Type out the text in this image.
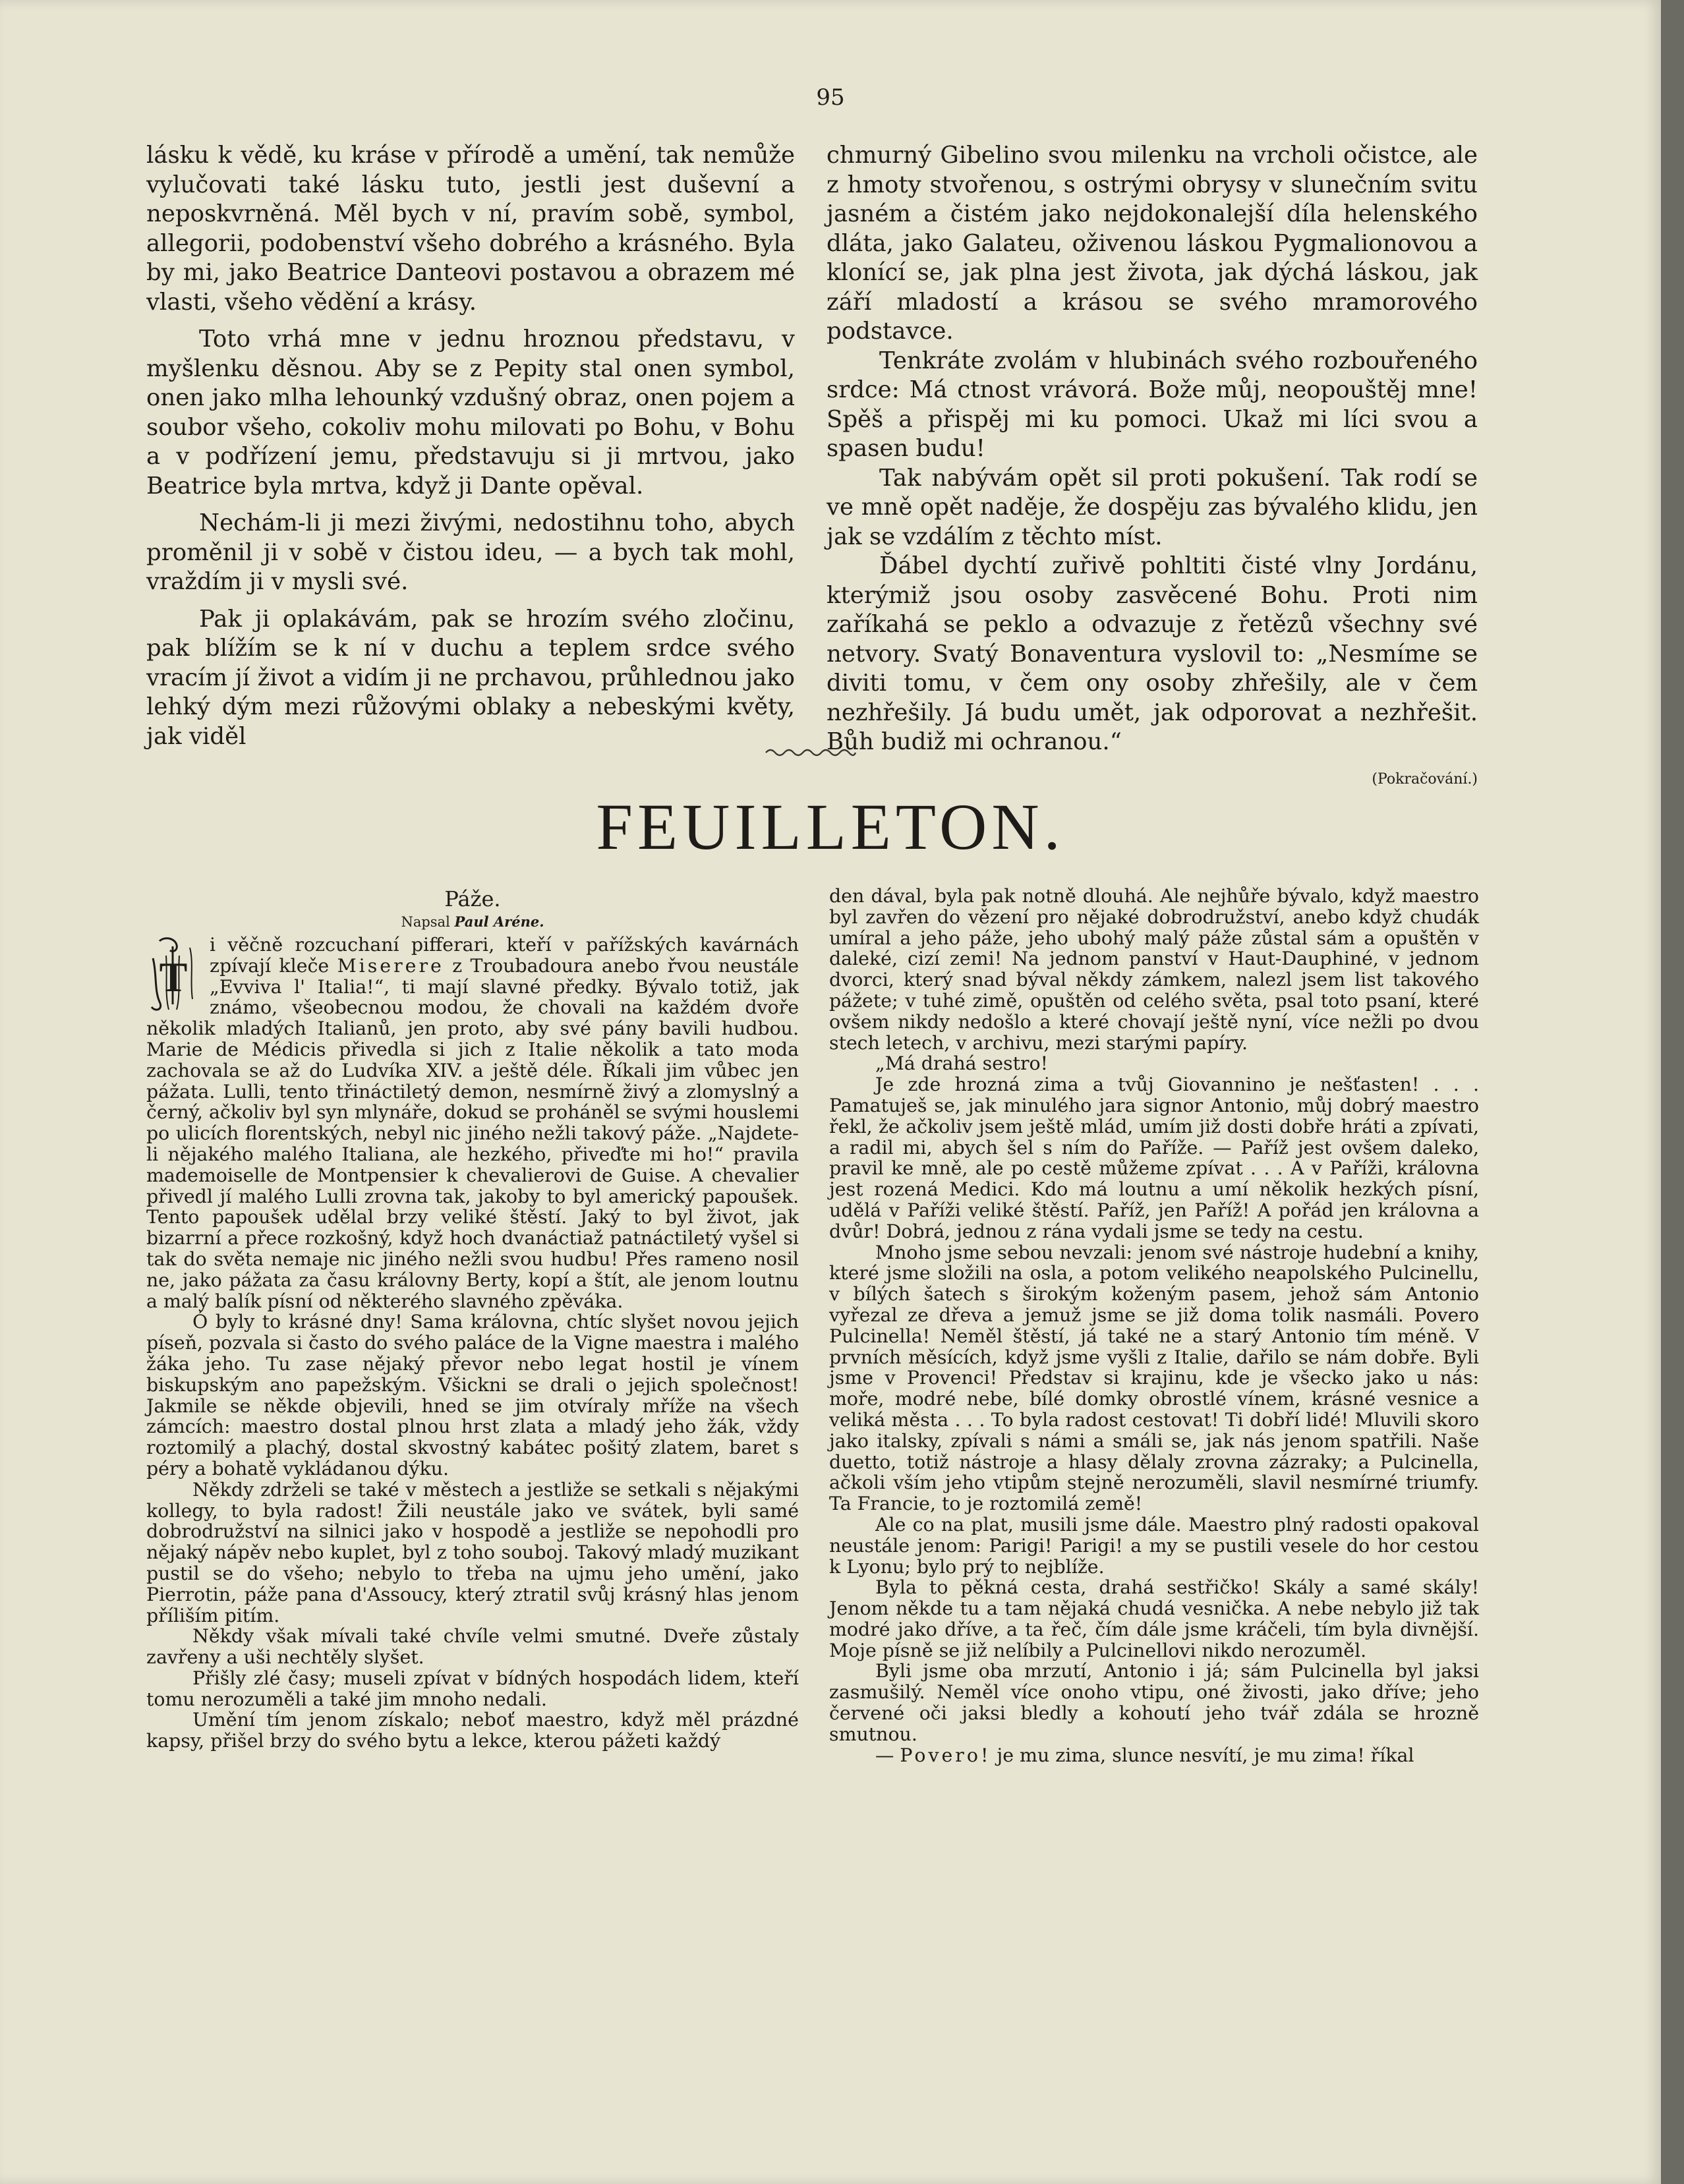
95

lásku k vědě, ku kráse v přírodě a umění, tak nemůže vylučovati také lásku tuto, jestli jest duševní a neposkvrněná. Měl bych v ní, pravím sobě, symbol, allegorii, podobenství všeho dobrého a krásného. Byla by mi, jako Beatrice Danteovi postavou a obrazem mé vlasti, všeho vědění a krásy.

Toto vrhá mne v jednu hroznou představu, v myšlenku děsnou. Aby se z Pepity stal onen symbol, onen jako mlha lehounký vzdušný obraz, onen pojem a soubor všeho, cokoliv mohu milovati po Bohu, v Bohu a v podřízení jemu, představuju si ji mrtvou, jako Beatrice byla mrtva, když ji Dante opěval.

Nechám-li ji mezi živými, nedostihnu toho, abych proměnil ji v sobě v čistou ideu, — a bych tak mohl, vraždím ji v mysli své.

Pak ji oplakávám, pak se hrozím svého zločinu, pak blížím se k ní v duchu a teplem srdce svého vracím jí život a vidím ji ne prchavou, průhlednou jako lehký dým mezi růžovými oblaky a nebeskými květy, jak viděl

chmurný Gibelino svou milenku na vrcholi očistce, ale z hmoty stvořenou, s ostrými obrysy v slunečním svitu jasném a čistém jako nejdokonalejší díla helenského dláta, jako Galateu, oživenou láskou Pygmalionovou a klonící se, jak plna jest života, jak dýchá láskou, jak září mladostí a krásou se svého mramorového podstavce.

Tenkráte zvolám v hlubinách svého rozbouřeného srdce: Má ctnost vrávorá. Bože můj, neopouštěj mne! Spěš a přispěj mi ku pomoci. Ukaž mi líci svou a spasen budu!

Tak nabývám opět sil proti pokušení. Tak rodí se ve mně opět naděje, že dospěju zas bývalého klidu, jen jak se vzdálím z těchto míst.

Ďábel dychtí zuřivě pohltiti čisté vlny Jordánu, kterýmiž jsou osoby zasvěcené Bohu. Proti nim zaříkahá se peklo a odvazuje z řetězů všechny své netvory. Svatý Bonaventura vyslovil to: „Nesmíme se diviti tomu, v čem ony osoby zhřešily, ale v čem nezhřešily. Já budu umět, jak odporovat a nezhřešit. Bůh budiž mi ochranou.“

(Pokračování.)
FEUILLETON.
Páže.
Napsal Paul Aréne.

T
i věčně rozcuchaní pifferari, kteří v pařížských kavárnách zpívají kleče Miserere z Troubadoura anebo řvou neustále „Evviva l' Italia!“, ti mají slavné předky. Bývalo totiž, jak známo, všeobecnou modou, že chovali na každém dvoře několik mladých Italianů, jen proto, aby své pány bavili hudbou. Marie de Médicis přivedla si jich z Italie několik a tato moda zachovala se až do Ludvíka XIV. a ještě déle. Říkali jim vůbec jen pážata. Lulli, tento třináctiletý demon, nesmírně živý a zlomyslný a černý, ačkoliv byl syn mlynáře, dokud se proháněl se svými houslemi po ulicích florentských, nebyl nic jiného nežli takový páže. „Najdete-li nějakého malého Italiana, ale hezkého, přiveďte mi ho!“ pravila mademoiselle de Montpensier k chevalierovi de Guise. A chevalier přivedl jí malého Lulli zrovna tak, jakoby to byl americký papoušek. Tento papoušek udělal brzy veliké štěstí. Jaký to byl život, jak bizarrní a přece rozkošný, když hoch dvanáctiaž patnáctiletý vyšel si tak do světa nemaje nic jiného nežli svou hudbu! Přes rameno nosil ne, jako pážata za času královny Berty, kopí a štít, ale jenom loutnu a malý balík písní od některého slavného zpěváka.

Ó byly to krásné dny! Sama královna, chtíc slyšet novou jejich píseň, pozvala si často do svého paláce de la Vigne maestra i malého žáka jeho. Tu zase nějaký převor nebo legat hostil je vínem biskupským ano papežským. Všickni se drali o jejich společnost! Jakmile se někde objevili, hned se jim otvíraly mříže na všech zámcích: maestro dostal plnou hrst zlata a mladý jeho žák, vždy roztomilý a plachý, dostal skvostný kabátec pošitý zlatem, baret s péry a bohatě vykládanou dýku.

Někdy zdrželi se také v městech a jestliže se setkali s nějakými kollegy, to byla radost! Žili neustále jako ve svátek, byli samé dobrodružství na silnici jako v hospodě a jestliže se nepohodli pro nějaký nápěv nebo kuplet, byl z toho souboj. Takový mladý muzikant pustil se do všeho; nebylo to třeba na ujmu jeho umění, jako Pierrotin, páže pana d'Assoucy, který ztratil svůj krásný hlas jenom příliším pitím.

Někdy však mívali také chvíle velmi smutné. Dveře zůstaly zavřeny a uši nechtěly slyšet.

Přišly zlé časy; museli zpívat v bídných hospodách lidem, kteří tomu nerozuměli a také jim mnoho nedali.

Umění tím jenom získalo; neboť maestro, když měl prázdné kapsy, přišel brzy do svého bytu a lekce, kterou pážeti každý

den dával, byla pak notně dlouhá. Ale nejhůře bývalo, když maestro byl zavřen do vězení pro nějaké dobrodružství, anebo když chudák umíral a jeho páže, jeho ubohý malý páže zůstal sám a opuštěn v daleké, cizí zemi! Na jednom panství v Haut-Dauphiné, v jednom dvorci, který snad býval někdy zámkem, nalezl jsem list takového pážete; v tuhé zimě, opuštěn od celého světa, psal toto psaní, které ovšem nikdy nedošlo a které chovají ještě nyní, více nežli po dvou stech letech, v archivu, mezi starými papíry.

„Má drahá sestro!

Je zde hrozná zima a tvůj Giovannino je nešťasten! . . . Pamatuješ se, jak minulého jara signor Antonio, můj dobrý maestro řekl, že ačkoliv jsem ještě mlád, umím již dosti dobře hráti a zpívati, a radil mi, abych šel s ním do Paříže. — Paříž jest ovšem dalеko, pravil ke mně, ale po cestě můžeme zpívat . . . A v Paříži, královna jest rozená Medici. Kdo má loutnu a umí několik hezkých písní, udělá v Paříži veliké štěstí. Paříž, jen Paříž! A pořád jen královna a dvůr! Dobrá, jednou z rána vydali jsme se tedy na cestu.

Mnoho jsme sebou nevzali: jenom své nástroje hudební a knihy, které jsme složili na osla, a potom velikého neapolského Pulcinellu, v bílých šatech s širokým koženým pasem, jehož sám Antonio vyřezal ze dřeva a jemuž jsme se již doma tolik nasmáli. Povero Pulcinella! Neměl štěstí, já také ne a starý Antonio tím méně. V prvních měsících, když jsme vyšli z Italie, dařilo se nám dobře. Byli jsme v Provenci! Představ si krajinu, kde je všecko jako u nás: moře, modré nebe, bílé domky obrostlé vínem, krásné vesnice a veliká města . . . To byla radost cestovat! Ti dobří lidé! Mluvili skoro jako italsky, zpívali s námi a smáli se, jak nás jenom spatřili. Naše duetto, totiž nástroje a hlasy dělaly zrovna zázraky; a Pulcinella, ačkoli vším jeho vtipům stejně nerozuměli, slavil nesmírné triumfy. Ta Francie, to je roztomilá země!

Ale co na plat, musili jsme dále. Maestro plný radosti opakoval neustále jenom: Parigi! Parigi! a my se pustili vesele do hor cestou k Lyonu; bylo prý to nejblíže.

Byla to pěkná cesta, drahá sestřičko! Skály a samé skály! Jenom někde tu a tam nějaká chudá vesnička. A nebe nebylo již tak modré jako dříve, a ta řeč, čím dále jsme kráčeli, tím byla divnější. Moje písně se již nelíbily a Pulcinellovi nikdo nerozuměl.

Byli jsme oba mrzutí, Antonio i já; sám Pulcinella byl jaksi zasmušilý. Neměl více onoho vtipu, oné živosti, jako dříve; jeho červené oči jaksi bledly a kohoutí jeho tvář zdála se hrozně smutnou.

— Povero! je mu zima, slunce nesvítí, je mu zima! říkal
